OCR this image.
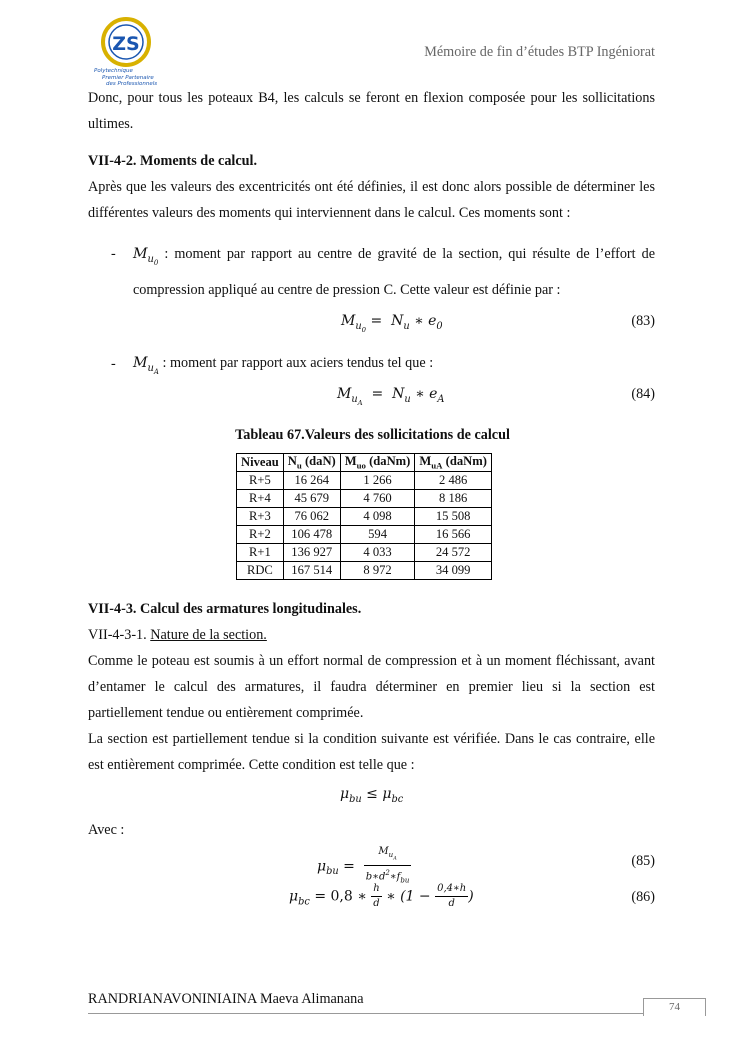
ZS
Polytechnique
Premier Partenaire
des Professionnels
Mémoire de fin d’études BTP Ingéniorat
Donc, pour tous les poteaux B4, les calculs se feront en flexion composée pour les sollicitations ultimes.
VII-4-2. Moments de calcul.
Après que les valeurs des excentricités ont été définies, il est donc alors possible de déterminer les différentes valeurs des moments qui interviennent dans le calcul. Ces moments sont :
- $M_{u_0}$ : moment par rapport au centre de gravité de la section, qui résulte de l’effort de compression appliqué au centre de pression C. Cette valeur est définie par :
$M_{u_0} = N_u$ ∗ $e_0$	(83)
- $M_{u_A}$ : moment par rapport aux aciers tendus tel que :
$M_{u_A} = N_u$ ∗ $e_A$	(84)
Tableau 67.Valeurs des sollicitations de calcul
Niveau	$N_u$ (daN)	$M_{uo}$ (daNm)	$M_{uA}$ (daNm)
R+5	16 264	1 266	2 486
R+4	45 679	4 760	8 186
R+3	76 062	4 098	15 508
R+2	106 478	594	16 566
R+1	136 927	4 033	24 572
RDC	167 514	8 972	34 099
VII-4-3. Calcul des armatures longitudinales.
VII-4-3-1. Nature de la section.
Comme le poteau est soumis à un effort normal de compression et à un moment fléchissant, avant d’entamer le calcul des armatures, il faudra déterminer en premier lieu si la section est partiellement tendue ou entièrement comprimée.
La section est partiellement tendue si la condition suivante est vérifiée. Dans le cas contraire, elle est entièrement comprimée. Cette condition est telle que :
$\mu_{bu} \le \mu_{bc}$
Avec :
$\mu_{bu} = \frac{M_{u_A}}{b∗d^2∗f_{bu}}$	(85)
$\mu_{bc} = 0,8$ ∗ $\frac{h}{d}$ ∗ ($1 - \frac{0,4∗h}{d}$ )	(86)
RANDRIANAVONINIAINA Maeva Alimanana	74
